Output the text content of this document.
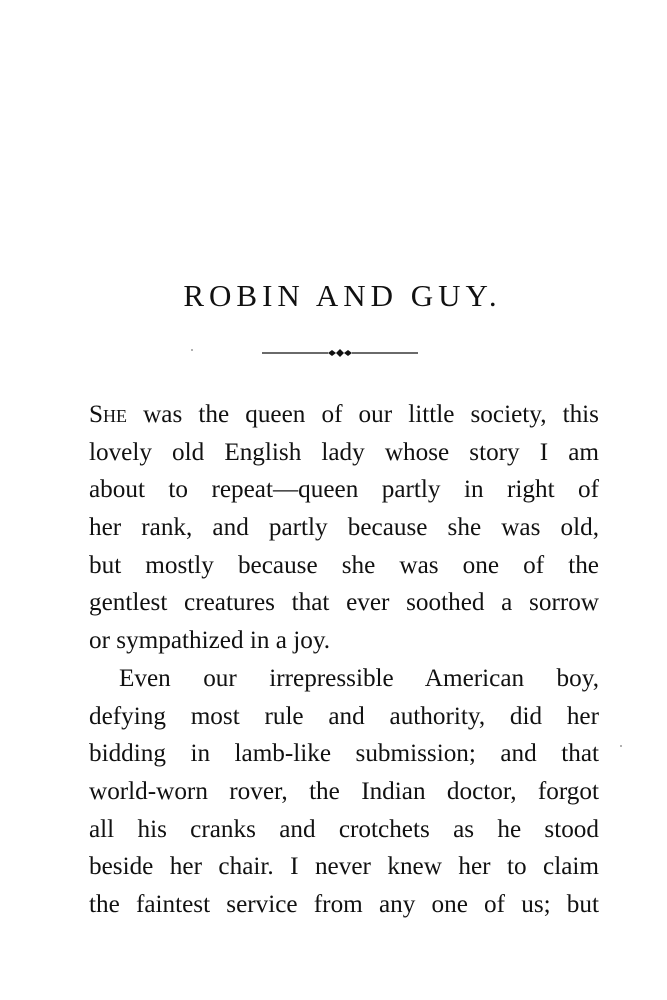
ROBIN AND GUY.
She was the queen of our little society, this
lovely old English lady whose story I am
about to repeat—queen partly in right of
her rank, and partly because she was old,
but mostly because she was one of the
gentlest creatures that ever soothed a sorrow
or sympathized in a joy.
Even our irrepressible American boy,
defying most rule and authority, did her
bidding in lamb-like submission; and that
world-worn rover, the Indian doctor, forgot
all his cranks and crotchets as he stood
beside her chair. I never knew her to claim
the faintest service from any one of us; but
